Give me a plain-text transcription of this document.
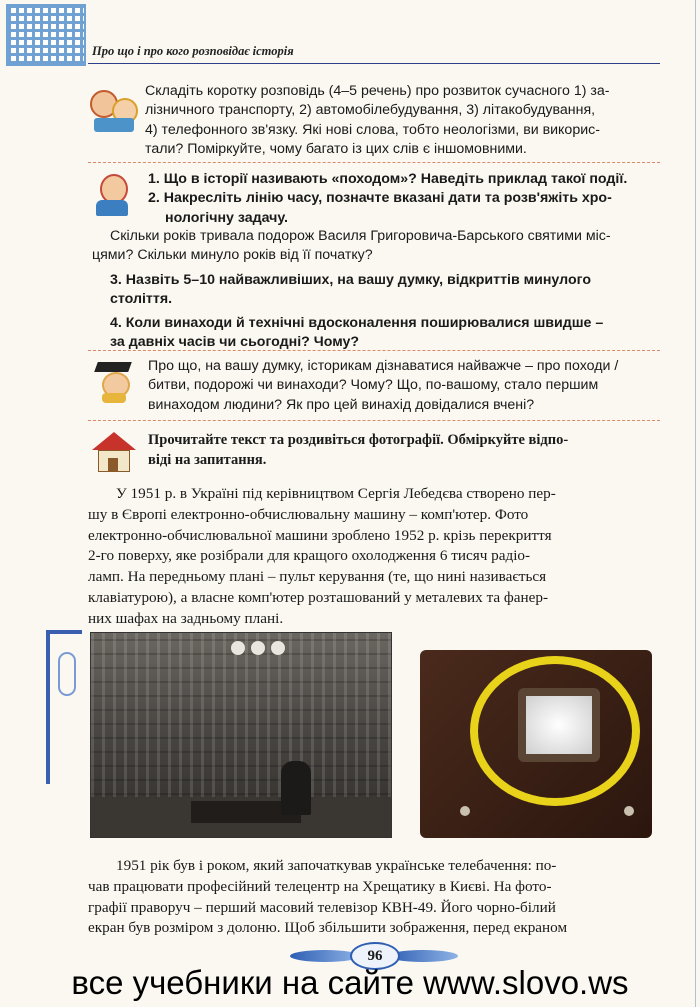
Про що і про кого розповідає історія
Складіть коротку розповідь (4–5 речень) про розвиток сучасного 1) за-
лізничного транспорту, 2) автомобілебудування, 3) літакобудування,
4) телефонного зв'язку. Які нові слова, тобто неологізми, ви викорис-
тали? Поміркуйте, чому багато із цих слів є іншомовними.
1. Що в історії називають «походом»? Наведіть приклад такої події.
2. Накресліть лінію часу, позначте вказані дати та розв'яжіть хро-
нологічну задачу.
Скільки років тривала подорож Василя Григоровича-Барського святими міс-
цями? Скільки минуло років від її початку?
3. Назвіть 5–10 найважливіших, на вашу думку, відкриттів минулого
століття.
4. Коли винаходи й технічні вдосконалення поширювалися швидше –
за давніх часів чи сьогодні? Чому?
Про що, на вашу думку, історикам дізнаватися найважче – про походи /
битви, подорожі чи винаходи? Чому? Що, по-вашому, стало першим
винаходом людини? Як про цей винахід довідалися вчені?
Прочитайте текст та роздивіться фотографії. Обміркуйте відпо-
віді на запитання.
У 1951 р. в Україні під керівництвом Сергія Лебедєва створено пер-
шу в Європі електронно-обчислювальну машину – комп'ютер. Фото
електронно-обчислювальної машини зроблено 1952 р. крізь перекриття
2-го поверху, яке розібрали для кращого охолодження 6 тисяч радіо-
ламп. На передньому плані – пульт керування (те, що нині називається
клавіатурою), а власне комп'ютер розташований у металевих та фанер-
них шафах на задньому плані.
1951 рік був і роком, який започаткував українське телебачення: по-
чав працювати професійний телецентр на Хрещатику в Києві. На фото-
графії праворуч – перший масовий телевізор КВН-49. Його чорно-білий
екран був розміром з долоню. Щоб збільшити зображення, перед екраном
96
все учебники на сайте www.slovo.ws
